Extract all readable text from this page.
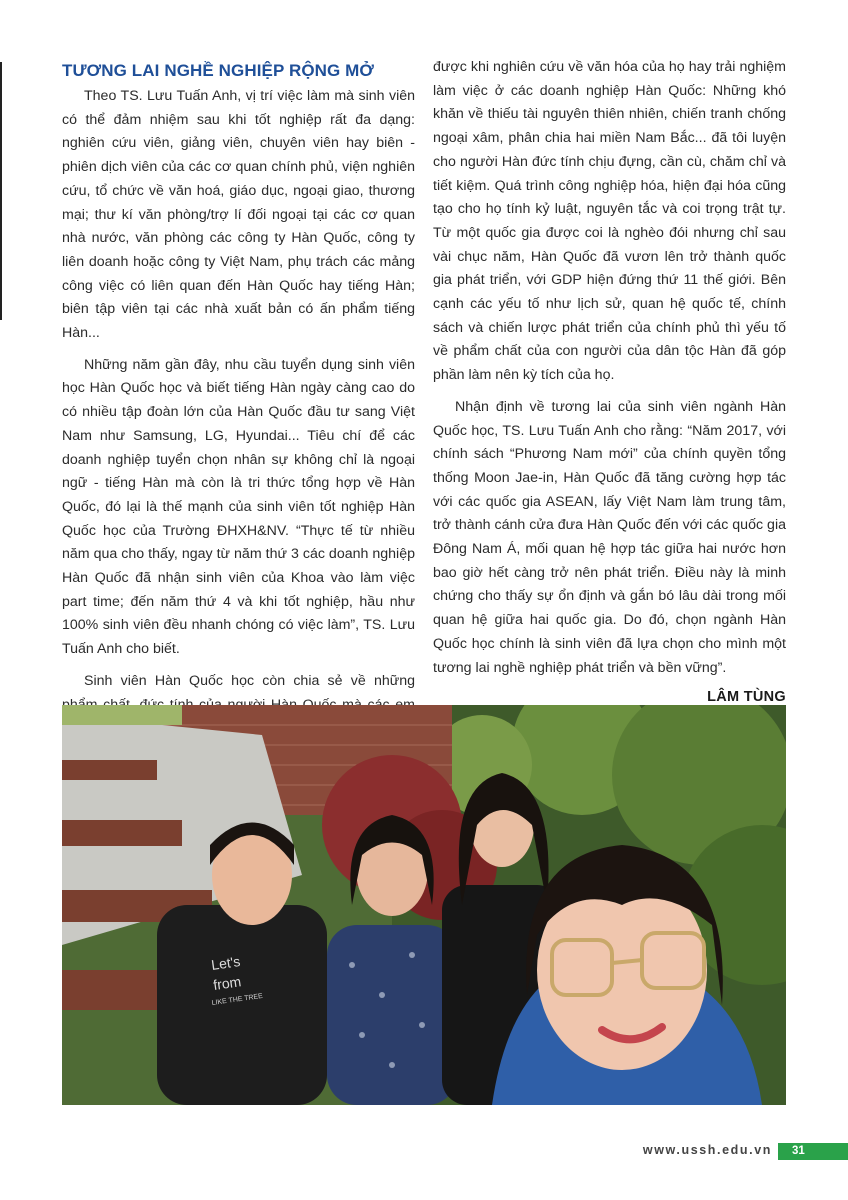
TƯƠNG LAI NGHỀ NGHIỆP RỘNG MỞ

Theo TS. Lưu Tuấn Anh, vị trí việc làm mà sinh viên có thể đảm nhiệm sau khi tốt nghiệp rất đa dạng: nghiên cứu viên, giảng viên, chuyên viên hay biên - phiên dịch viên của các cơ quan chính phủ, viện nghiên cứu, tổ chức về văn hoá, giáo dục, ngoại giao, thương mại; thư kí văn phòng/trợ lí đối ngoại tại các cơ quan nhà nước, văn phòng các công ty Hàn Quốc, công ty liên doanh hoặc công ty Việt Nam, phụ trách các mảng công việc có liên quan đến Hàn Quốc hay tiếng Hàn; biên tập viên tại các nhà xuất bản có ấn phẩm tiếng Hàn...

Những năm gần đây, nhu cầu tuyển dụng sinh viên học Hàn Quốc học và biết tiếng Hàn ngày càng cao do có nhiều tập đoàn lớn của Hàn Quốc đầu tư sang Việt Nam như Samsung, LG, Hyundai... Tiêu chí để các doanh nghiệp tuyển chọn nhân sự không chỉ là ngoại ngữ - tiếng Hàn mà còn là tri thức tổng hợp về Hàn Quốc, đó lại là thế mạnh của sinh viên tốt nghiệp Hàn Quốc học của Trường ĐHXH&NV. “Thực tế từ nhiều năm qua cho thấy, ngay từ năm thứ 3 các doanh nghiệp Hàn Quốc đã nhận sinh viên của Khoa vào làm việc part time; đến năm thứ 4 và khi tốt nghiệp, hầu như 100% sinh viên đều nhanh chóng có việc làm”, TS. Lưu Tuấn Anh cho biết.

Sinh viên Hàn Quốc học còn chia sẻ về những

được khi nghiên cứu về văn hóa của họ hay trải nghiệm làm việc ở các doanh nghiệp Hàn Quốc: Những khó khăn về thiếu tài nguyên thiên nhiên, chiến tranh chống ngoại xâm, phân chia hai miền Nam Bắc... đã tôi luyện cho người Hàn đức tính chịu đựng, cần cù, chăm chỉ và tiết kiệm. Quá trình công nghiệp hóa, hiện đại hóa cũng tạo cho họ tính kỷ luật, nguyên tắc và coi trọng trật tự. Từ một quốc gia được coi là nghèo đói nhưng chỉ sau vài chục năm, Hàn Quốc đã vươn lên trở thành quốc gia phát triển, với GDP hiện đứng thứ 11 thế giới. Bên cạnh các yếu tố như lịch sử, quan hệ quốc tế, chính sách và chiến lược phát triển của chính phủ thì yếu tố về phẩm chất của con người của dân tộc Hàn đã góp phần làm nên kỳ tích của họ.

Nhận định về tương lai của sinh viên ngành Hàn Quốc học, TS. Lưu Tuấn Anh cho rằng: “Năm 2017, với chính sách “Phương Nam mới” của chính quyền tổng thống Moon Jae-in, Hàn Quốc đã tăng cường hợp tác với các quốc gia ASEAN, lấy Việt Nam làm trung tâm, trở thành cánh cửa đưa Hàn Quốc đến với các quốc gia Đông Nam Á, mối quan hệ hợp tác giữa hai nước hơn bao giờ hết càng trở nên phát triển. Điều này là minh chứng cho thấy sự ổn định và gắn bó lâu dài trong mối quan hệ giữa hai quốc gia. Do đó, chọn ngành Hàn Quốc học chính là sinh viên đã lựa chọn cho mình một tương lai nghề nghiệp phát triển và bền vững”.

LÂM TÙNG
Let's
from
LIKE THE TREE
www.ussh.edu.vn	31
